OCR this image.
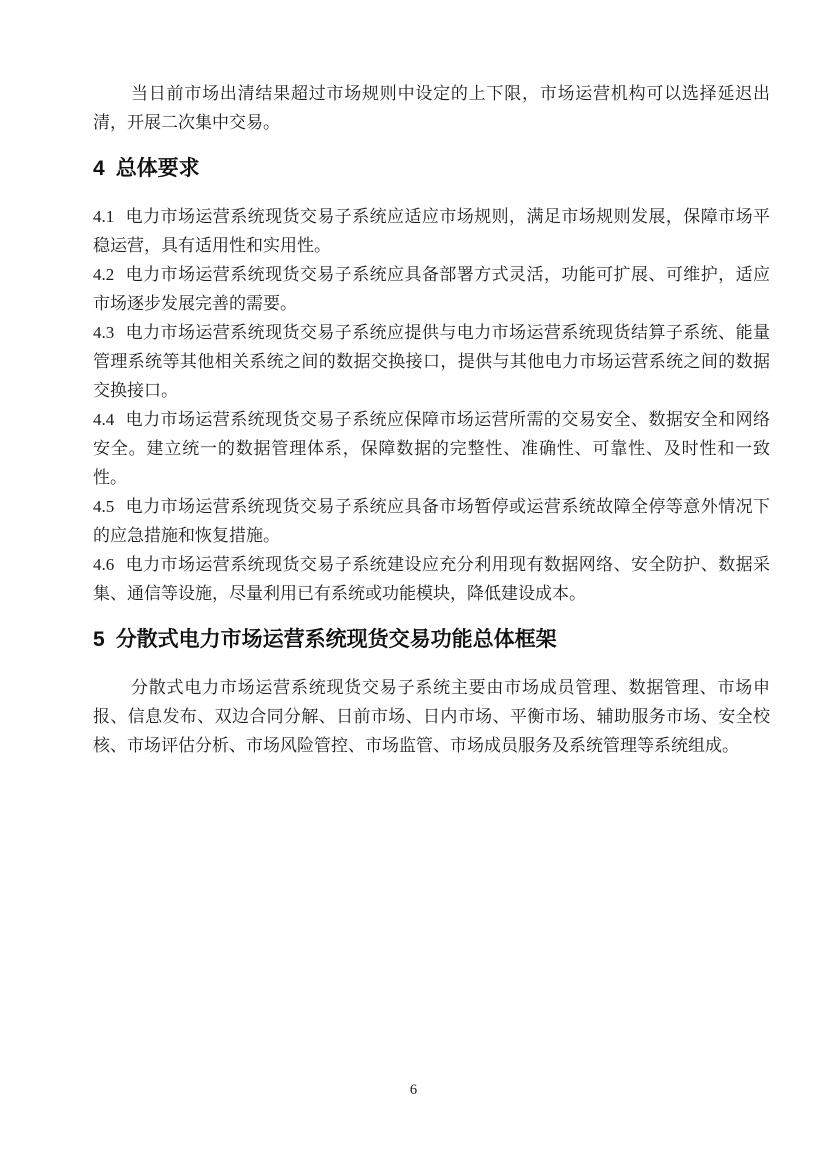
当日前市场出清结果超过市场规则中设定的上下限，市场运营机构可以选择延迟出清，开展二次集中交易。

4 总体要求

4.1 电力市场运营系统现货交易子系统应适应市场规则，满足市场规则发展，保障市场平稳运营，具有适用性和实用性。

4.2 电力市场运营系统现货交易子系统应具备部署方式灵活，功能可扩展、可维护，适应市场逐步发展完善的需要。

4.3 电力市场运营系统现货交易子系统应提供与电力市场运营系统现货结算子系统、能量管理系统等其他相关系统之间的数据交换接口，提供与其他电力市场运营系统之间的数据交换接口。

4.4 电力市场运营系统现货交易子系统应保障市场运营所需的交易安全、数据安全和网络安全。建立统一的数据管理体系，保障数据的完整性、准确性、可靠性、及时性和一致性。

4.5 电力市场运营系统现货交易子系统应具备市场暂停或运营系统故障全停等意外情况下的应急措施和恢复措施。

4.6 电力市场运营系统现货交易子系统建设应充分利用现有数据网络、安全防护、数据采集、通信等设施，尽量利用已有系统或功能模块，降低建设成本。

5 分散式电力市场运营系统现货交易功能总体框架

分散式电力市场运营系统现货交易子系统主要由市场成员管理、数据管理、市场申报、信息发布、双边合同分解、日前市场、日内市场、平衡市场、辅助服务市场、安全校核、市场评估分析、市场风险管控、市场监管、市场成员服务及系统管理等系统组成。

6
